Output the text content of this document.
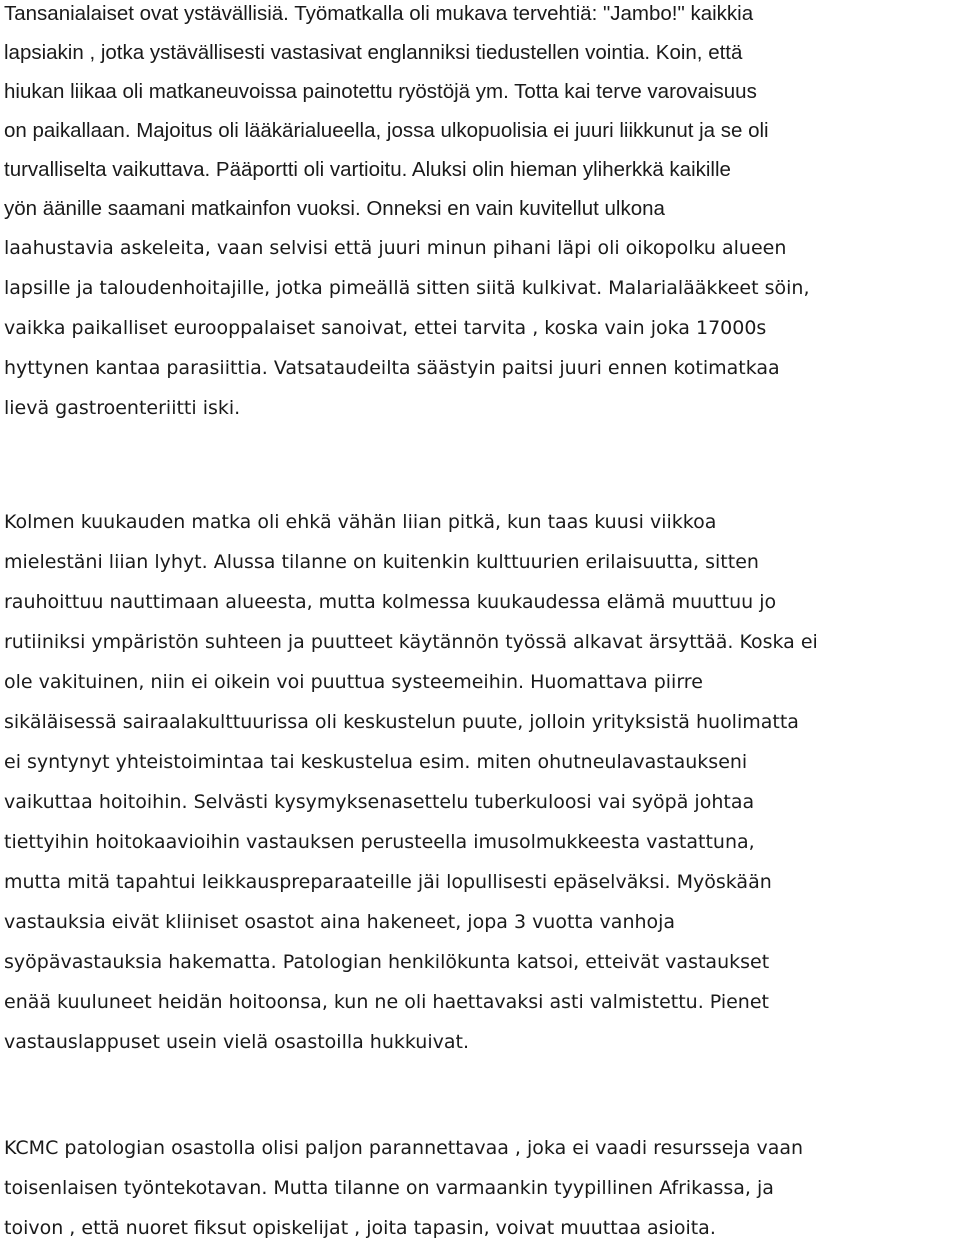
Tansanialaiset ovat ystävällisiä. Työmatkalla oli mukava tervehtiä: "Jambo!" kaikkia
lapsiakin , jotka ystävällisesti vastasivat englanniksi tiedustellen vointia. Koin, että
hiukan liikaa oli matkaneuvoissa painotettu ryöstöjä ym. Totta kai terve varovaisuus
on paikallaan. Majoitus oli lääkärialueella, jossa ulkopuolisia ei juuri liikkunut ja se oli
turvalliselta vaikuttava. Pääportti oli vartioitu. Aluksi olin hieman yliherkkä kaikille
yön äänille saamani matkainfon vuoksi. Onneksi en vain kuvitellut ulkona
laahustavia askeleita, vaan selvisi että juuri minun pihani läpi oli oikopolku alueen
lapsille ja taloudenhoitajille, jotka pimeällä sitten siitä kulkivat. Malarialääkkeet söin,
vaikka paikalliset eurooppalaiset sanoivat, ettei tarvita , koska vain joka 17000s
hyttynen kantaa parasiittia. Vatsataudeilta säästyin paitsi juuri ennen kotimatkaa
lievä gastroenteriitti iski.
Kolmen kuukauden matka oli ehkä vähän liian pitkä, kun taas kuusi viikkoa
mielestäni liian lyhyt. Alussa tilanne on kuitenkin kulttuurien erilaisuutta, sitten
rauhoittuu nauttimaan alueesta, mutta kolmessa kuukaudessa elämä muuttuu jo
rutiiniksi ympäristön suhteen ja puutteet käytännön työssä alkavat ärsyttää. Koska ei
ole vakituinen, niin ei oikein voi puuttua systeemeihin. Huomattava piirre
sikäläisessä sairaalakulttuurissa oli keskustelun puute, jolloin yrityksistä huolimatta
ei syntynyt yhteistoimintaa tai keskustelua esim. miten ohutneulavastaukseni
vaikuttaa hoitoihin. Selvästi kysymyksenasettelu tuberkuloosi vai syöpä johtaa
tiettyihin hoitokaavioihin vastauksen perusteella imusolmukkeesta vastattuna,
mutta mitä tapahtui leikkauspreparaateille jäi lopullisesti epäselväksi. Myöskään
vastauksia eivät kliiniset osastot aina hakeneet, jopa 3 vuotta vanhoja
syöpävastauksia hakematta. Patologian henkilökunta katsoi, etteivät vastaukset
enää kuuluneet heidän hoitoonsa, kun ne oli haettavaksi asti valmistettu. Pienet
vastauslappuset usein vielä osastoilla hukkuivat.
KCMC patologian osastolla olisi paljon parannettavaa , joka ei vaadi resursseja vaan
toisenlaisen työntekotavan. Mutta tilanne on varmaankin tyypillinen Afrikassa, ja
toivon , että nuoret fiksut opiskelijat , joita tapasin, voivat muuttaa asioita.
